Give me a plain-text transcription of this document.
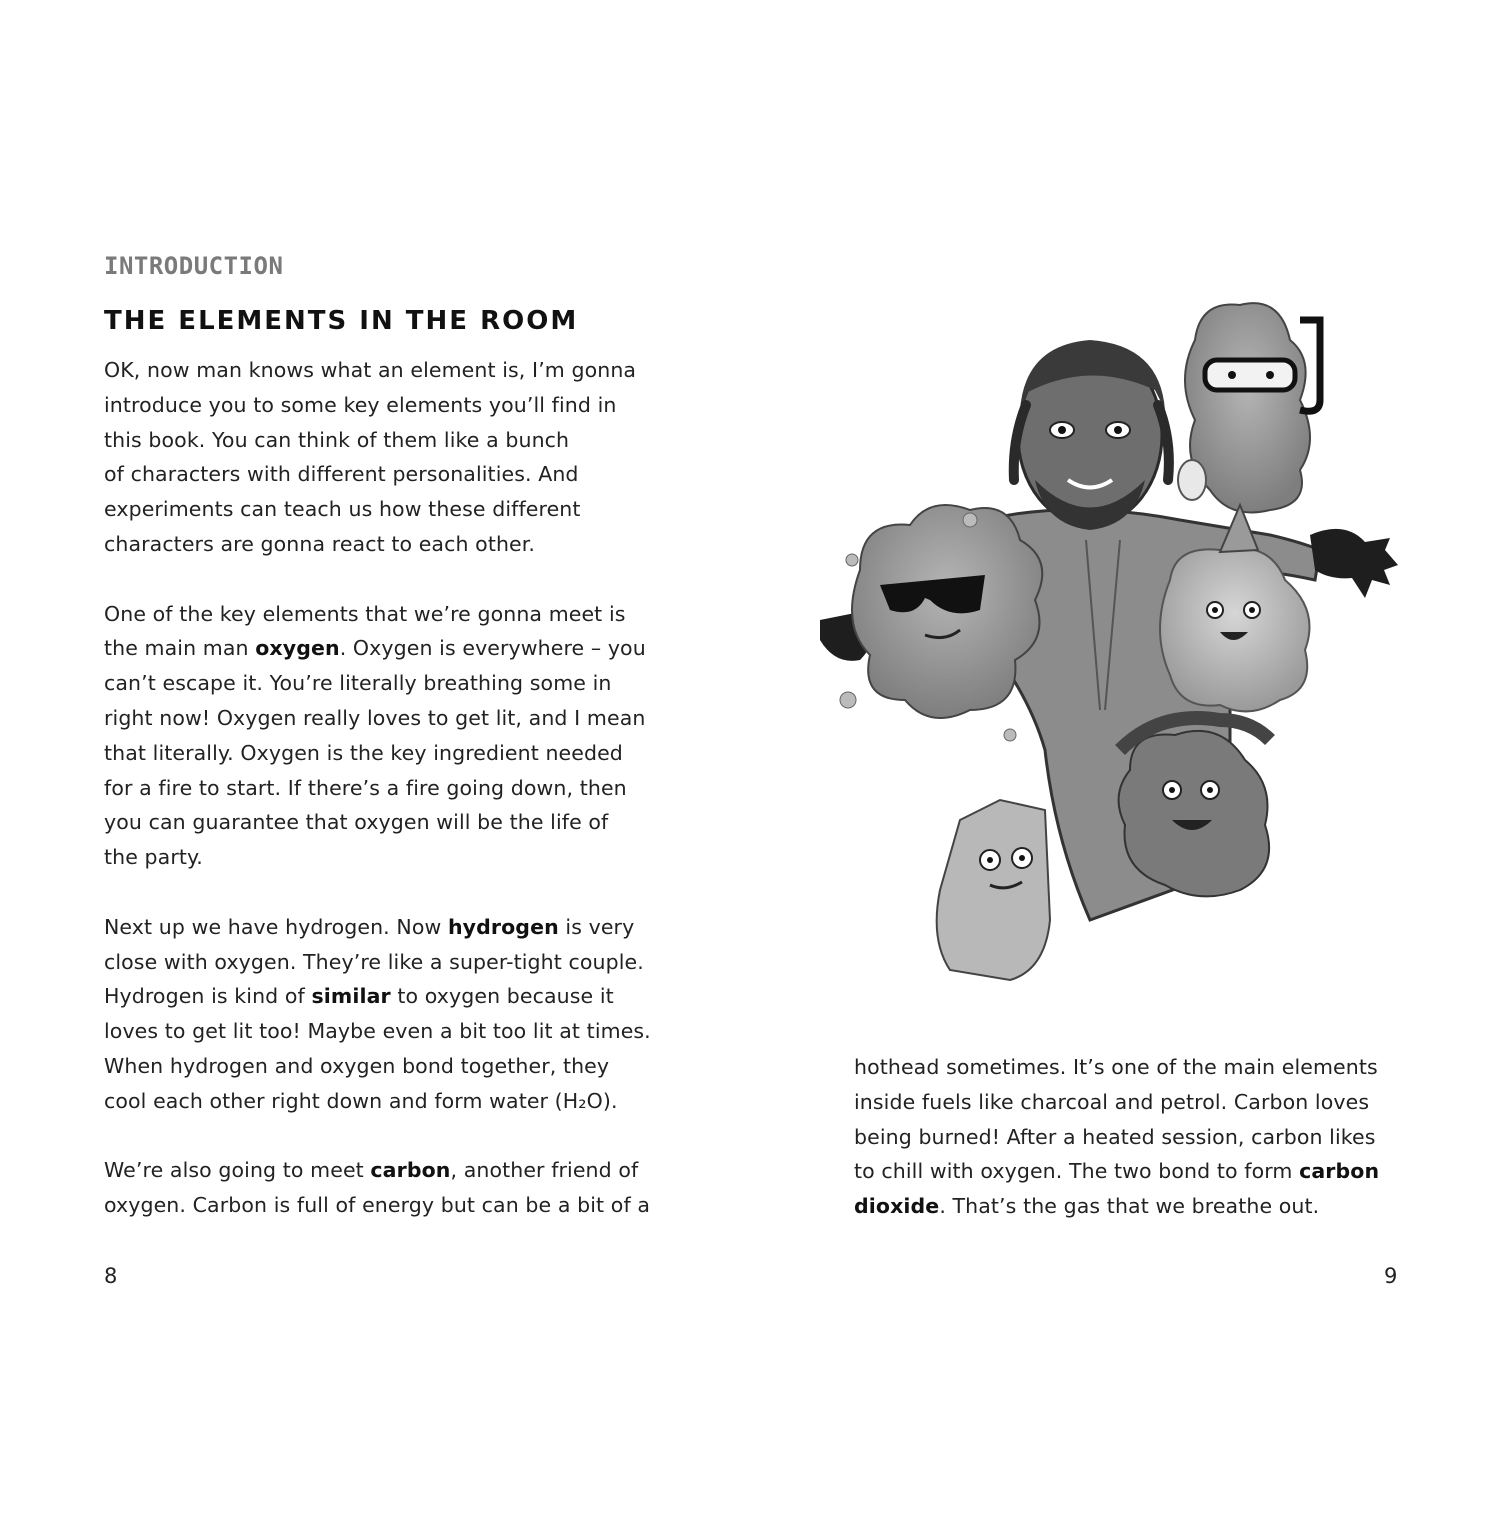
INTRODUCTION
THE ELEMENTS IN THE ROOM

OK, now man knows what an element is, I’m gonna
introduce you to some key elements you’ll find in
this book. You can think of them like a bunch
of characters with different personalities. And
experiments can teach us how these different
characters are gonna react to each other.

One of the key elements that we’re gonna meet is
the main man oxygen. Oxygen is everywhere – you
can’t escape it. You’re literally breathing some in
right now! Oxygen really loves to get lit, and I mean
that literally. Oxygen is the key ingredient needed
for a fire to start. If there’s a fire going down, then
you can guarantee that oxygen will be the life of
the party.

Next up we have hydrogen. Now hydrogen is very
close with oxygen. They’re like a super-tight couple.
Hydrogen is kind of similar to oxygen because it
loves to get lit too! Maybe even a bit too lit at times.
When hydrogen and oxygen bond together, they
cool each other right down and form water (H₂O).

We’re also going to meet carbon, another friend of
oxygen. Carbon is full of energy but can be a bit of a

hothead sometimes. It’s one of the main elements
inside fuels like charcoal and petrol. Carbon loves
being burned! After a heated session, carbon likes
to chill with oxygen. The two bond to form carbon
dioxide. That’s the gas that we breathe out.

8	9
